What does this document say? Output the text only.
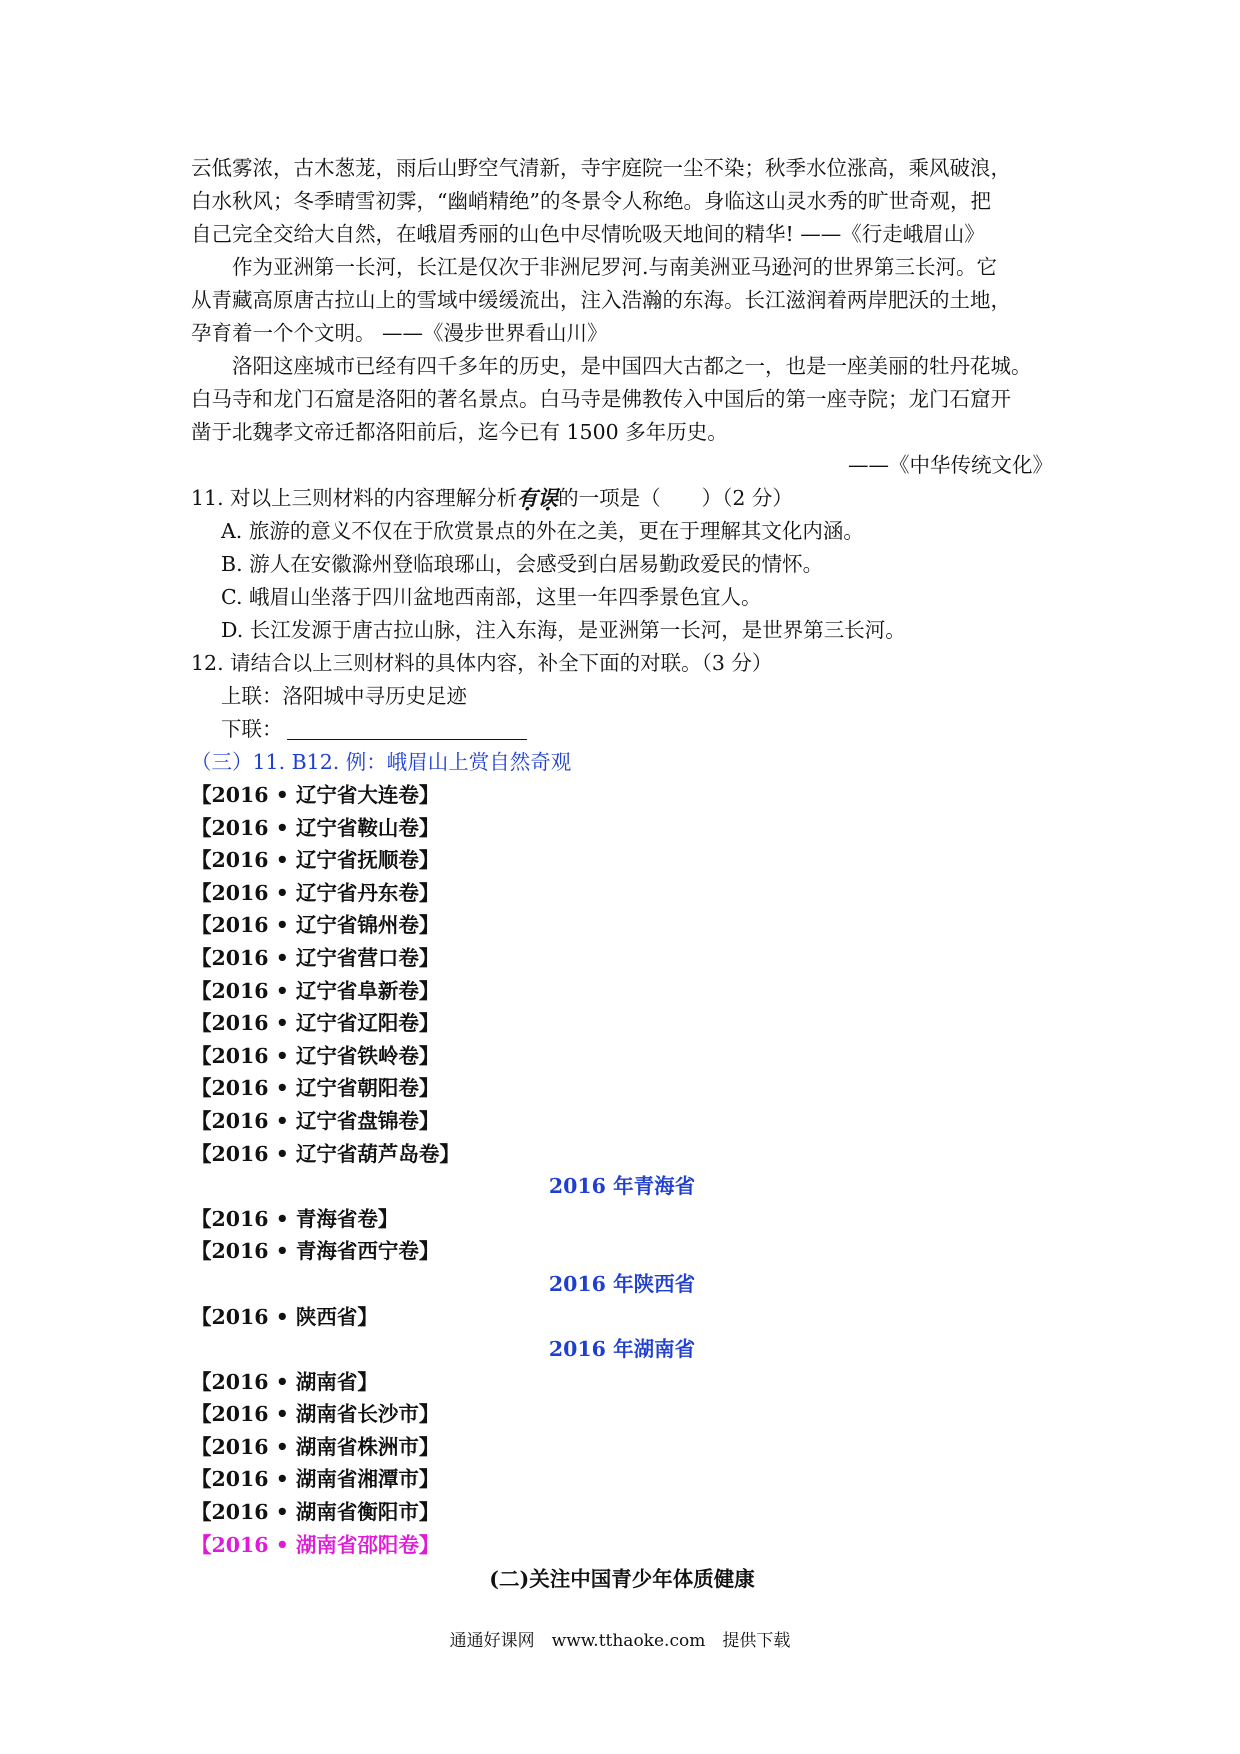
云低雾浓，古木葱茏，雨后山野空气清新，寺宇庭院一尘不染；秋季水位涨高，乘风破浪，

白水秋风；冬季晴雪初霁，“幽峭精绝”的冬景令人称绝。身临这山灵水秀的旷世奇观，把

自己完全交给大自然，在峨眉秀丽的山色中尽情吮吸天地间的精华! ——《行走峨眉山》

作为亚洲第一长河，长江是仅次于非洲尼罗河.与南美洲亚马逊河的世界第三长河。它

从青藏高原唐古拉山上的雪域中缓缓流出，注入浩瀚的东海。长江滋润着两岸肥沃的土地，

孕育着一个个文明。 ——《漫步世界看山川》

洛阳这座城市已经有四千多年的历史，是中国四大古都之一，也是一座美丽的牡丹花城。

白马寺和龙门石窟是洛阳的著名景点。白马寺是佛教传入中国后的第一座寺院；龙门石窟开

凿于北魏孝文帝迁都洛阳前后，迄今已有 1500 多年历史。

——《中华传统文化》

11. 对以上三则材料的内容理解分析有误的一项是（　　）（2 分）

A. 旅游的意义不仅在于欣赏景点的外在之美，更在于理解其文化内涵。

B. 游人在安徽滁州登临琅琊山，会感受到白居易勤政爱民的情怀。

C. 峨眉山坐落于四川盆地西南部，这里一年四季景色宜人。

D. 长江发源于唐古拉山脉，注入东海，是亚洲第一长河，是世界第三长河。

12. 请结合以上三则材料的具体内容，补全下面的对联。（3 分）

上联：洛阳城中寻历史足迹

下联：

（三）11. B12. 例：峨眉山上赏自然奇观

【2016 • 辽宁省大连卷】

【2016 • 辽宁省鞍山卷】

【2016 • 辽宁省抚顺卷】

【2016 • 辽宁省丹东卷】

【2016 • 辽宁省锦州卷】

【2016 • 辽宁省营口卷】

【2016 • 辽宁省阜新卷】

【2016 • 辽宁省辽阳卷】

【2016 • 辽宁省铁岭卷】

【2016 • 辽宁省朝阳卷】

【2016 • 辽宁省盘锦卷】

【2016 • 辽宁省葫芦岛卷】

2016 年青海省

【2016 • 青海省卷】

【2016 • 青海省西宁卷】

2016 年陕西省

【2016 • 陕西省】

2016 年湖南省

【2016 • 湖南省】

【2016 • 湖南省长沙市】

【2016 • 湖南省株洲市】

【2016 • 湖南省湘潭市】

【2016 • 湖南省衡阳市】

【2016 • 湖南省邵阳卷】

(二)关注中国青少年体质健康

通通好课网　www.tthaoke.com　提供下载
